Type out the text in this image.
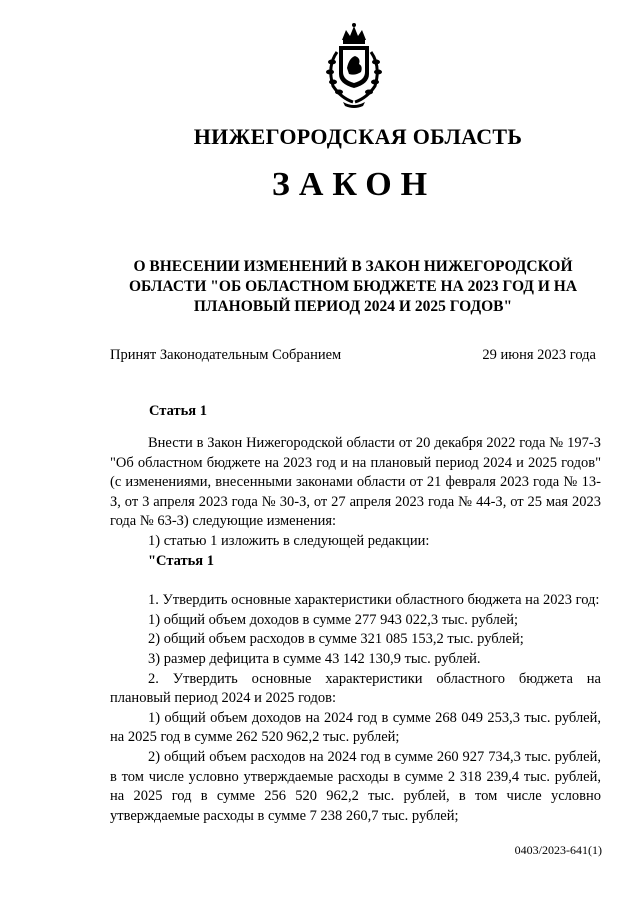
НИЖЕГОРОДСКАЯ ОБЛАСТЬ
ЗАКОН
О ВНЕСЕНИИ ИЗМЕНЕНИЙ В ЗАКОН НИЖЕГОРОДСКОЙ ОБЛАСТИ "ОБ ОБЛАСТНОМ БЮДЖЕТЕ НА 2023 ГОД И НА ПЛАНОВЫЙ ПЕРИОД 2024 И 2025 ГОДОВ"
Принят Законодательным Собранием	29 июня 2023 года
Статья 1

Внести в Закон Нижегородской области от 20 декабря 2022 года № 197-З "Об областном бюджете на 2023 год и на плановый период 2024 и 2025 годов" (с изменениями, внесенными законами области от 21 февраля 2023 года № 13-З, от 3 апреля 2023 года № 30-З, от 27 апреля 2023 года № 44-З, от 25 мая 2023 года № 63-З) следующие изменения:

1) статью 1 изложить в следующей редакции:

"Статья 1

1. Утвердить основные характеристики областного бюджета на 2023 год:

1) общий объем доходов в сумме 277 943 022,3 тыс. рублей;

2) общий объем расходов в сумме 321 085 153,2 тыс. рублей;

3) размер дефицита в сумме 43 142 130,9 тыс. рублей.

2. Утвердить основные характеристики областного бюджета на плановый период 2024 и 2025 годов:

1) общий объем доходов на 2024 год в сумме 268 049 253,3 тыс. рублей, на 2025 год в сумме 262 520 962,2 тыс. рублей;

2) общий объем расходов на 2024 год в сумме 260 927 734,3 тыс. рублей, в том числе условно утверждаемые расходы в сумме 2 318 239,4 тыс. рублей, на 2025 год в сумме 256 520 962,2 тыс. рублей, в том числе условно утверждаемые расходы в сумме 7 238 260,7 тыс. рублей;

0403/2023-641(1)
